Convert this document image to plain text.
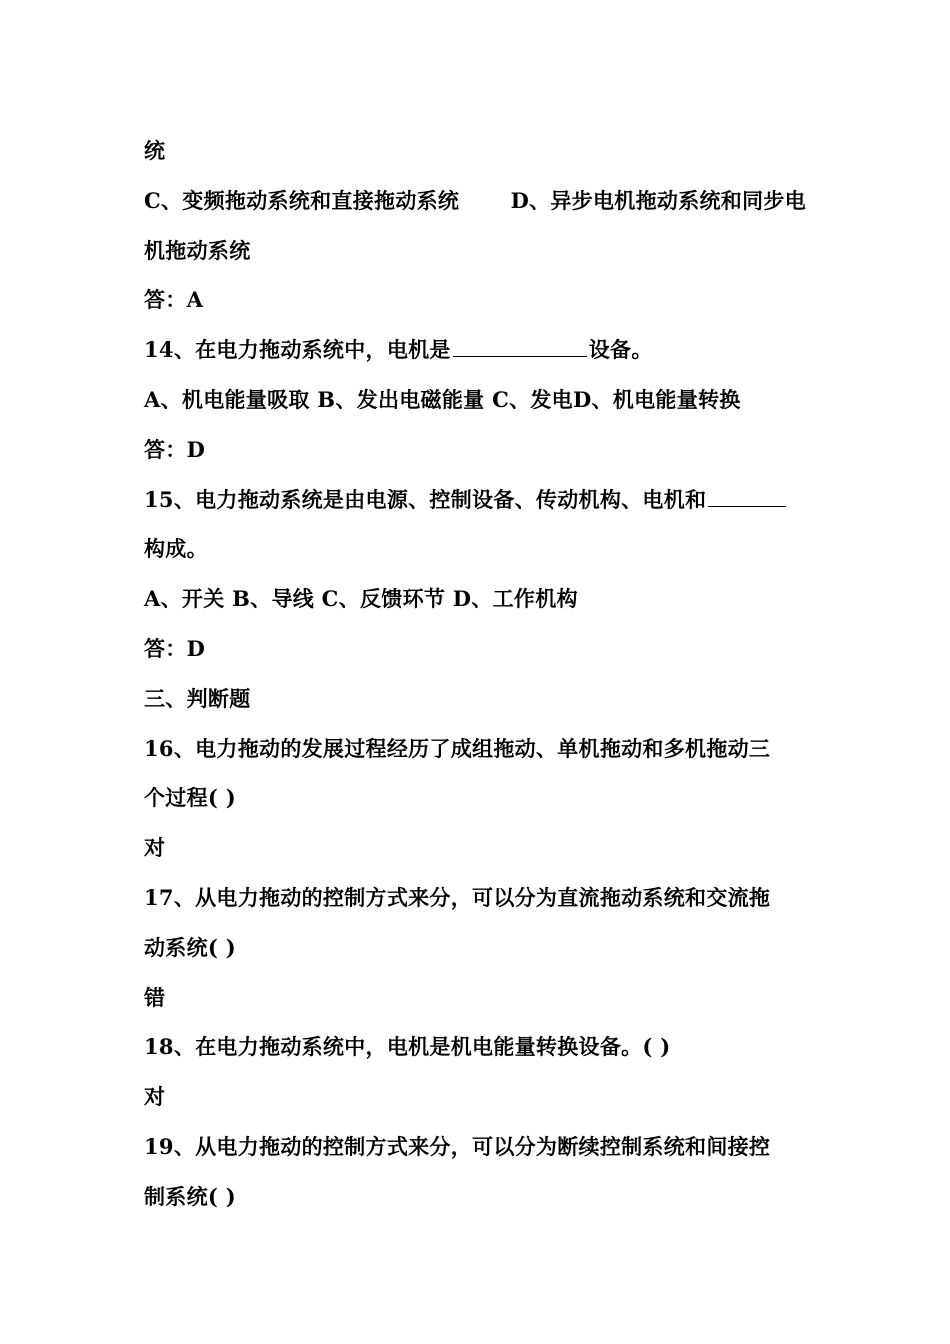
统
C、变频拖动系统和直接拖动系统 D、异步电机拖动系统和同步电
机拖动系统
答：A
14、在电力拖动系统中，电机是	设备。
A、机电能量吸取 B、发出电磁能量 C、发电D、机电能量转换
答：D
15、电力拖动系统是由电源、控制设备、传动机构、电机和
构成。
A、开关 B、导线 C、反馈环节 D、工作机构
答：D
三、判断题
16、电力拖动的发展过程经历了成组拖动、单机拖动和多机拖动三
个过程( )
对
17、从电力拖动的控制方式来分，可以分为直流拖动系统和交流拖
动系统( )
错
18、在电力拖动系统中，电机是机电能量转换设备。( )
对
19、从电力拖动的控制方式来分，可以分为断续控制系统和间接控
制系统( )
